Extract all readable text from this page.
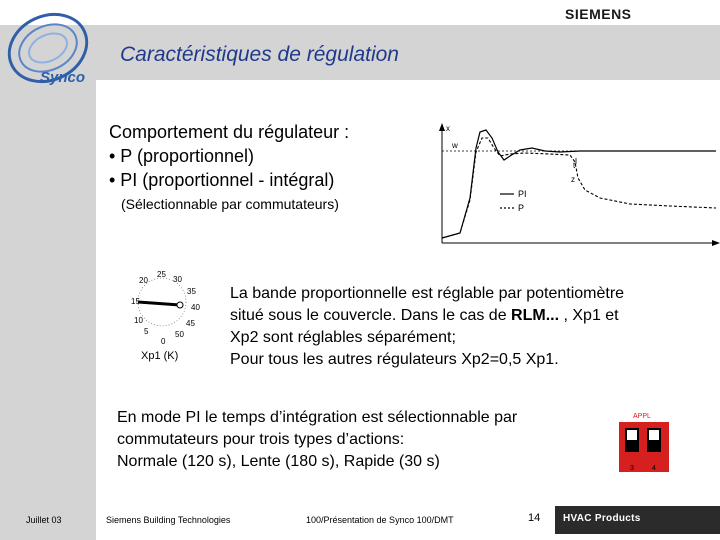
SIEMENS
Synco
Caractéristiques de régulation
Comportement du régulateur :
• P (proportionnel)
• PI (proportionnel - intégral)
(Sélectionnable par commutateurs)
x
w
t
z
PI
P
25
20	30
35
15
40
10	45
5	50
0
Xp1 (K)
La bande proportionnelle est réglable par potentiomètre
situé sous le couvercle. Dans le cas de RLM... , Xp1 et
Xp2 sont réglables séparément;
Pour tous les autres régulateurs Xp2=0,5 Xp1.
En mode PI le temps d’intégration est sélectionnable par
commutateurs pour trois types d’actions:
Normale (120 s), Lente (180 s), Rapide (30 s)
APPL
3	4
Juillet 03	Siemens Building Technologies	100/Présentation de Synco 100/DMT	14 HVAC Products
